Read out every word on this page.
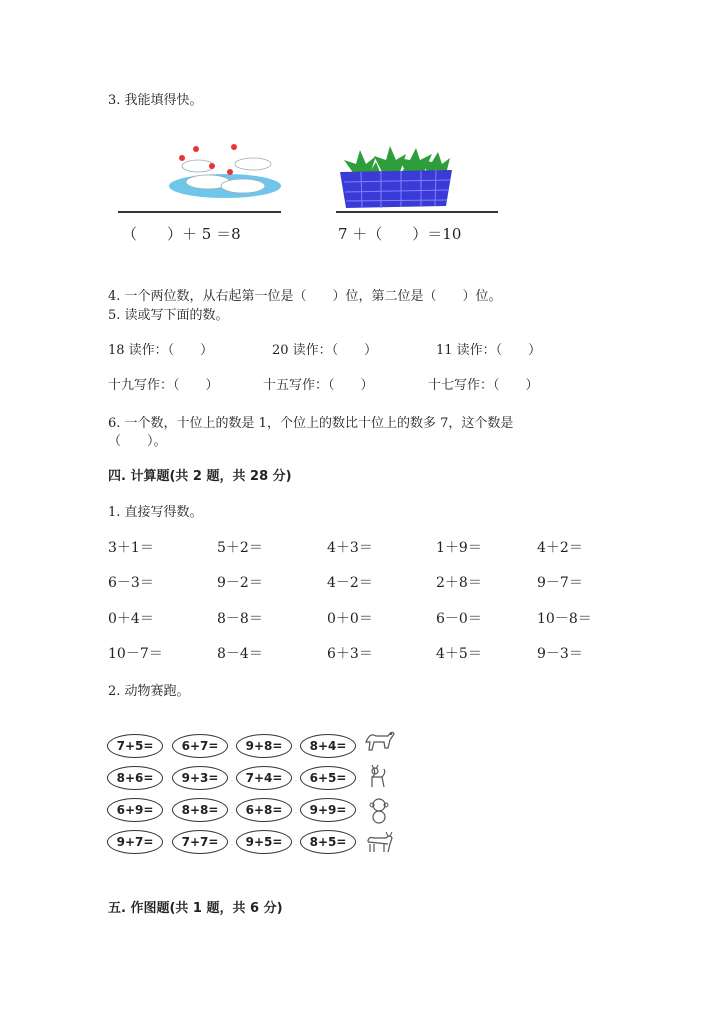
3. 我能填得快。
（　　）＋ 5 ＝8	7 ＋（　　）＝10
4. 一个两位数，从右起第一位是（　　）位，第二位是（　　）位。
5. 读或写下面的数。
18 读作：（　　）	20 读作：（　　）	11 读作：（　　）
十九写作：（　　）	十五写作：（　　）	十七写作：（　　）
6. 一个数，十位上的数是 1，个位上的数比十位上的数多 7，这个数是
（　　）。
四. 计算题(共 2 题，共 28 分)
1. 直接写得数。
3＋1＝	5＋2＝	4＋3＝	1＋9＝	4＋2＝
6－3＝	9－2＝	4－2＝	2＋8＝	9－7＝
0＋4＝	8－8＝	0＋0＝	6－0＝	10－8＝
10－7＝	8－4＝	6＋3＝	4＋5＝	9－3＝
2. 动物赛跑。
7+5=	6+7=	9+8=	8+4=
8+6=	9+3=	7+4=	6+5=
6+9=	8+8=	6+8=	9+9=
9+7=	7+7=	9+5=	8+5=
五. 作图题(共 1 题，共 6 分)
